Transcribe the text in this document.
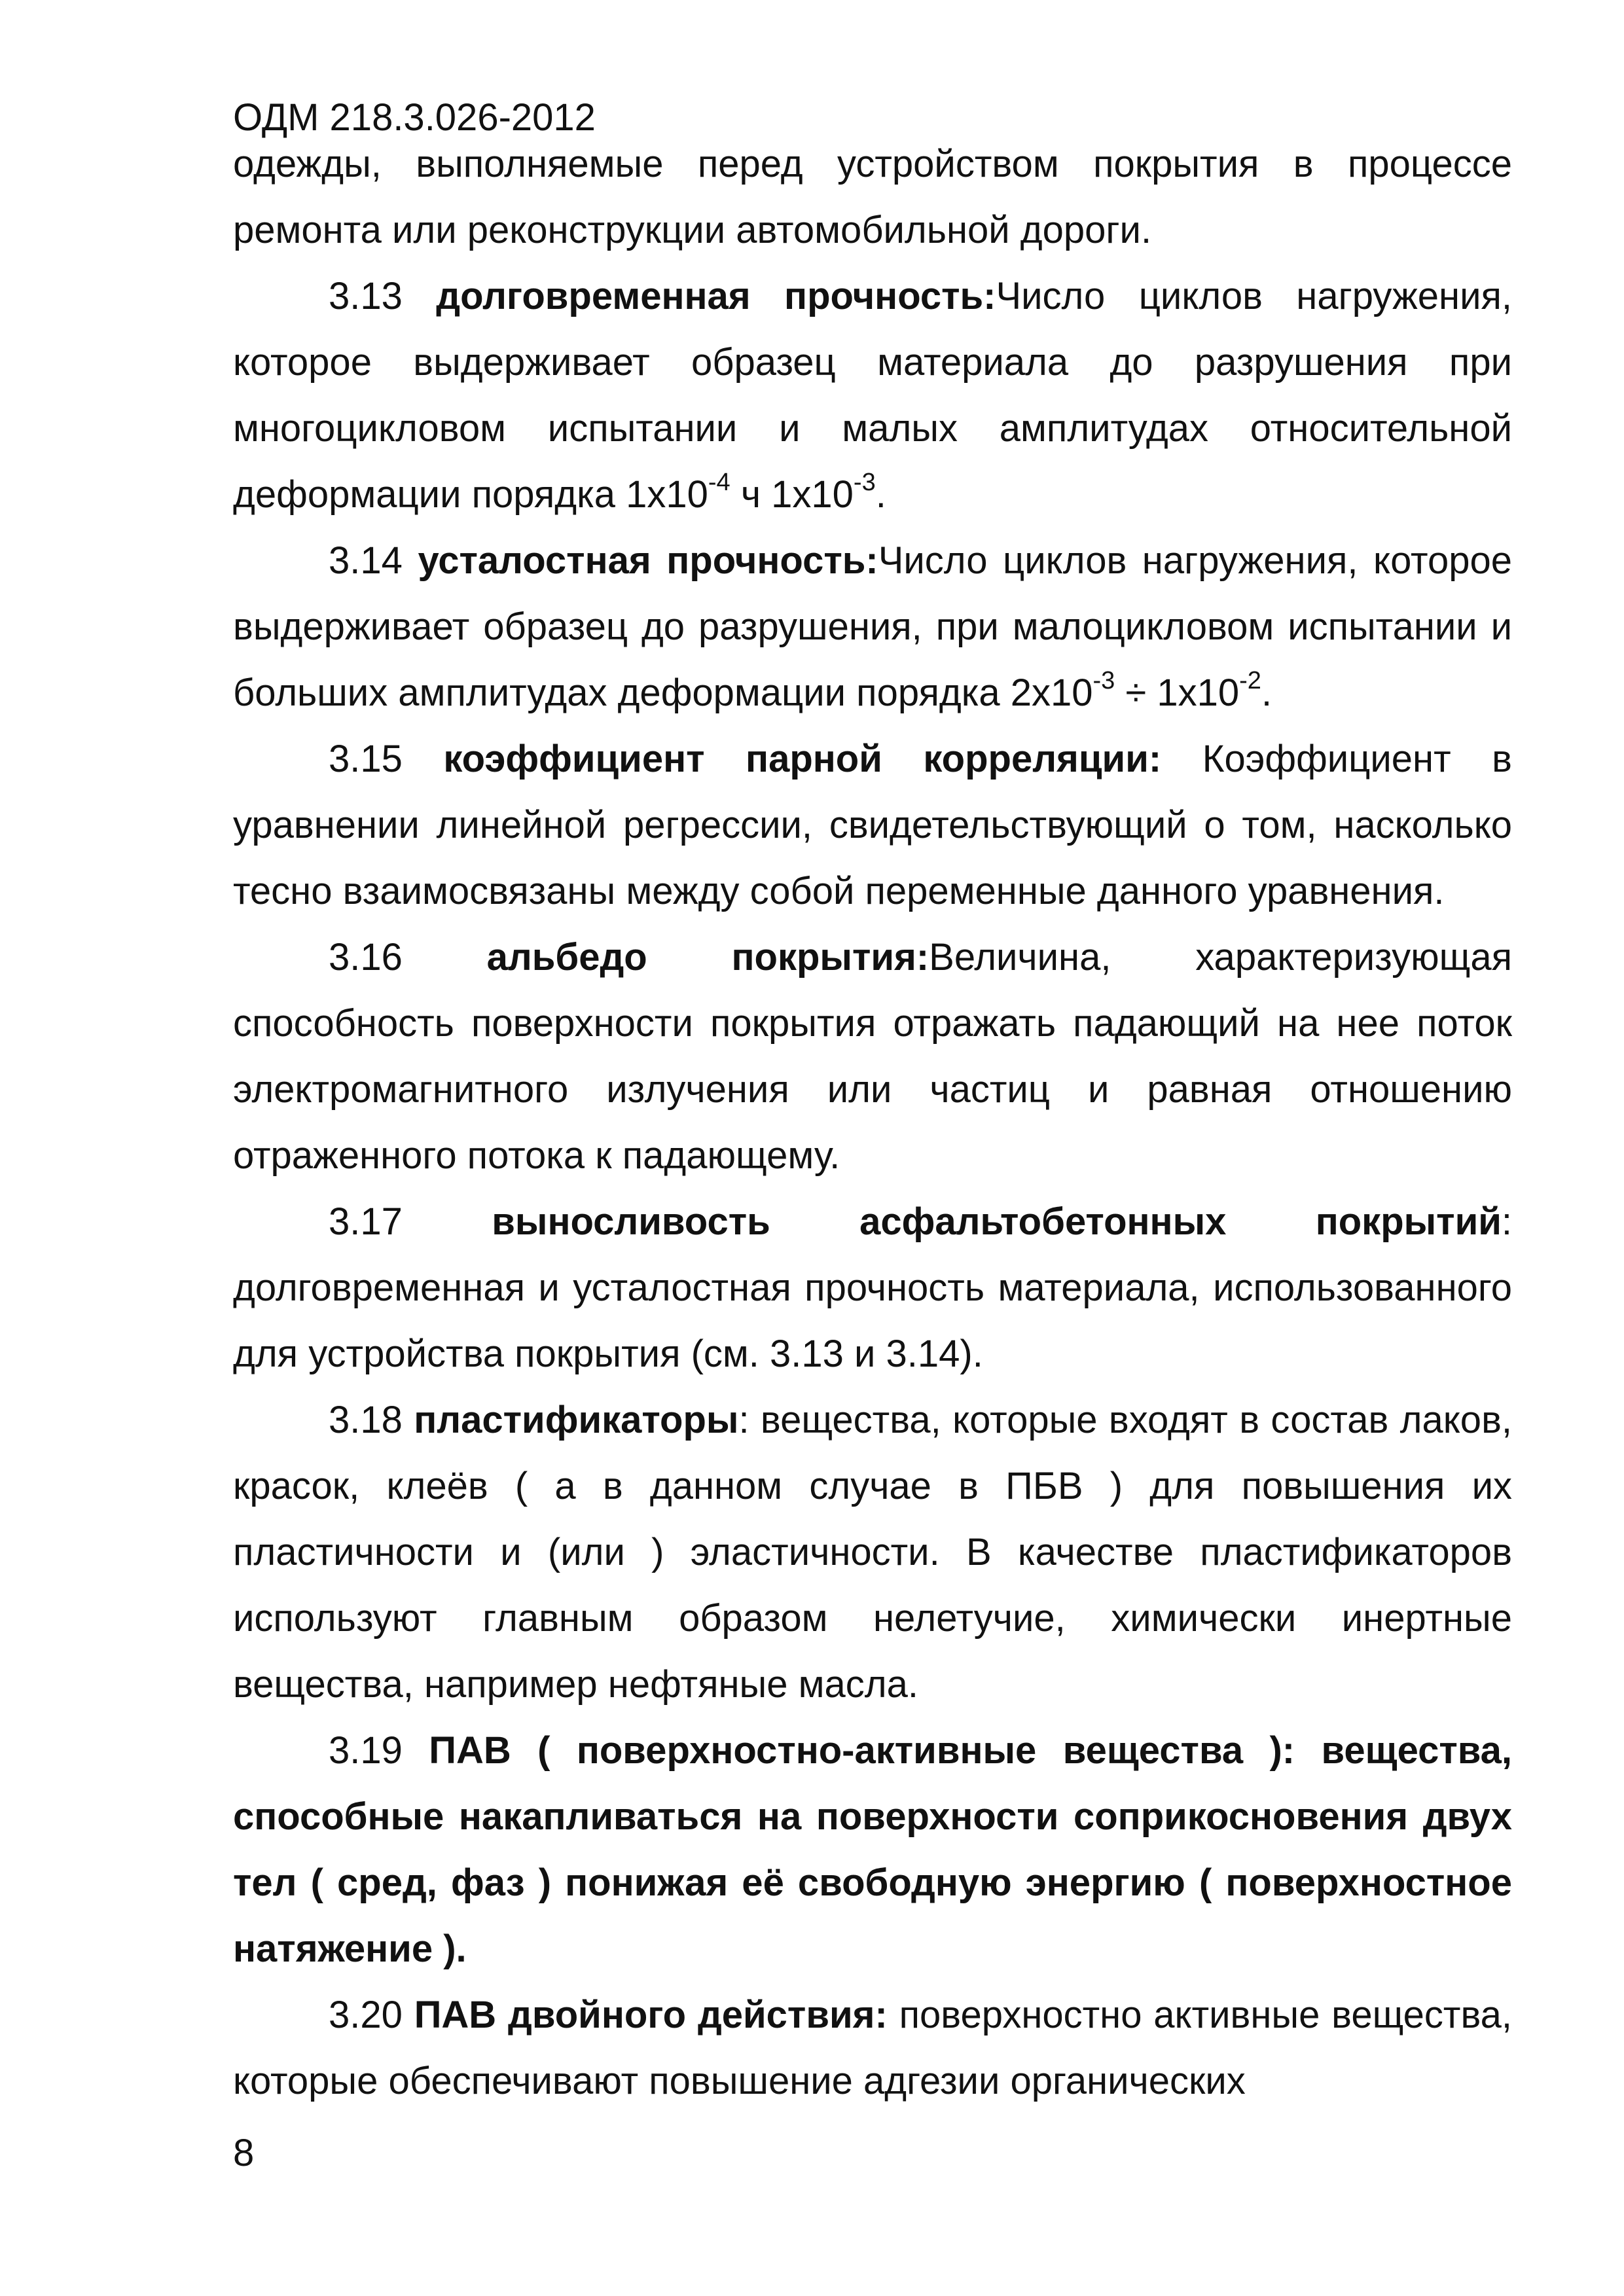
ОДМ 218.3.026-2012

одежды, выполняемые перед устройством покрытия в процессе ремонта или реконструкции автомобильной дороги.

3.13 долговременная прочность:Число циклов нагружения, которое выдерживает образец материала до разрушения при многоцикловом испытании и малых амплитудах относительной деформации порядка $1х10^{-4}$ ч $1х10^{-3}$.

3.14 усталостная прочность:Число циклов нагружения, которое выдерживает образец до разрушения, при малоцикловом испытании и больших амплитудах деформации порядка $2х10^{-3} \div 1х10^{-2}$.

3.15 коэффициент парной корреляции: Коэффициент в уравнении линейной регрессии, свидетельствующий о том, насколько тесно взаимосвязаны между собой переменные данного уравнения.

3.16 альбедо покрытия:Величина, характеризующая способность поверхности покрытия отражать падающий на нее поток электромагнитного излучения или частиц и равная отношению отраженного потока к падающему.

3.17 выносливость асфальтобетонных покрытий: долговременная и усталостная прочность материала, использованного для устройства покрытия (см. 3.13 и 3.14).

3.18 пластификаторы: вещества, которые входят в состав лаков, красок, клеёв ( а в данном случае в ПБВ ) для повышения их пластичности и (или ) эластичности. В качестве пластификаторов используют главным образом нелетучие, химически инертные вещества, например нефтяные масла.

3.19 ПАВ ( поверхностно-активные вещества ): вещества, способные накапливаться на поверхности соприкосновения двух тел ( сред, фаз ) понижая её свободную энергию ( поверхностное натяжение ).

3.20 ПАВ двойного действия: поверхностно активные вещества, которые обеспечивают повышение адгезии органических

8
